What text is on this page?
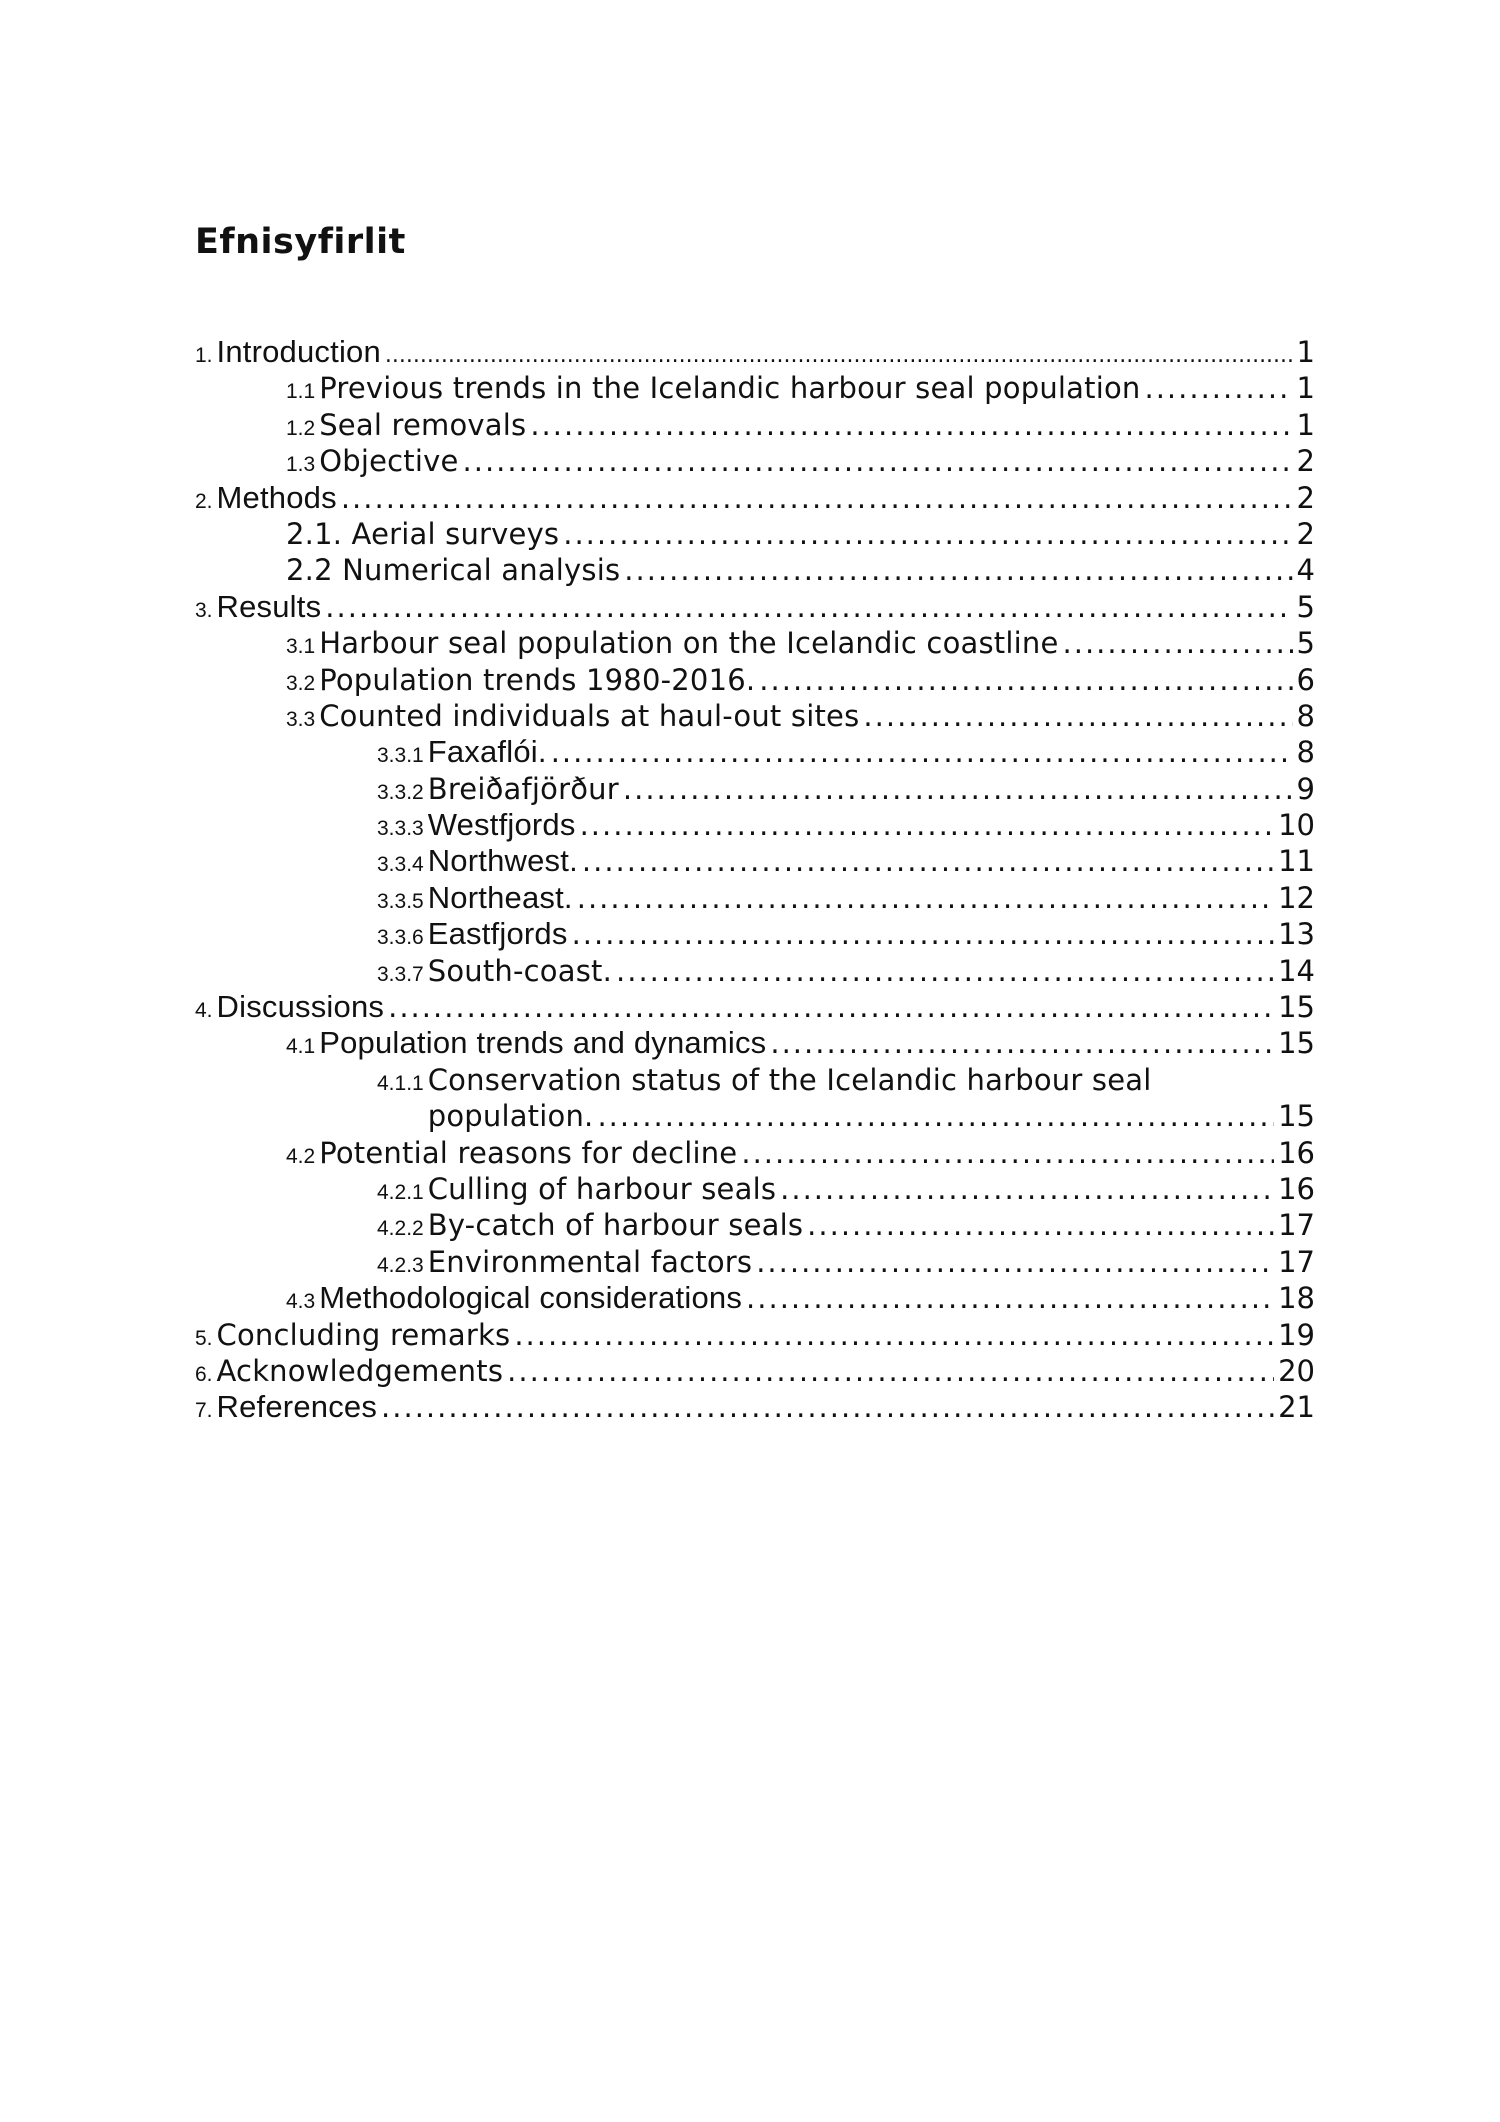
Efnisyfirlit
1. Introduction .....	1
1.1 Previous trends in the Icelandic harbour seal population .....	1
1.2 Seal removals .....	1
1.3 Objective .....	2
2. Methods .....	2
2.1. Aerial surveys .....	2
2.2 Numerical analysis .....	4
3. Results .....	5
3.1 Harbour seal population on the Icelandic coastline .....	5
3.2 Population trends 1980-2016. .....	6
3.3 Counted individuals at haul-out sites .....	8
3.3.1 Faxaflói. .....	8
3.3.2 Breiðafjörður .....	9
3.3.3 Westfjords .....	10
3.3.4 Northwest. .....	11
3.3.5 Northeast. .....	12
3.3.6 Eastfjords .....	13
3.3.7 South-coast. .....	14
4. Discussions .....	15
4.1 Population trends and dynamics .....	15
4.1.1 Conservation status of the Icelandic harbour seal
population. .....	15
4.2 Potential reasons for decline .....	16
4.2.1 Culling of harbour seals .....	16
4.2.2 By-catch of harbour seals .....	17
4.2.3 Environmental factors .....	17
4.3 Methodological considerations .....	18
5. Concluding remarks .....	19
6. Acknowledgements .....	20
7. References .....	21
